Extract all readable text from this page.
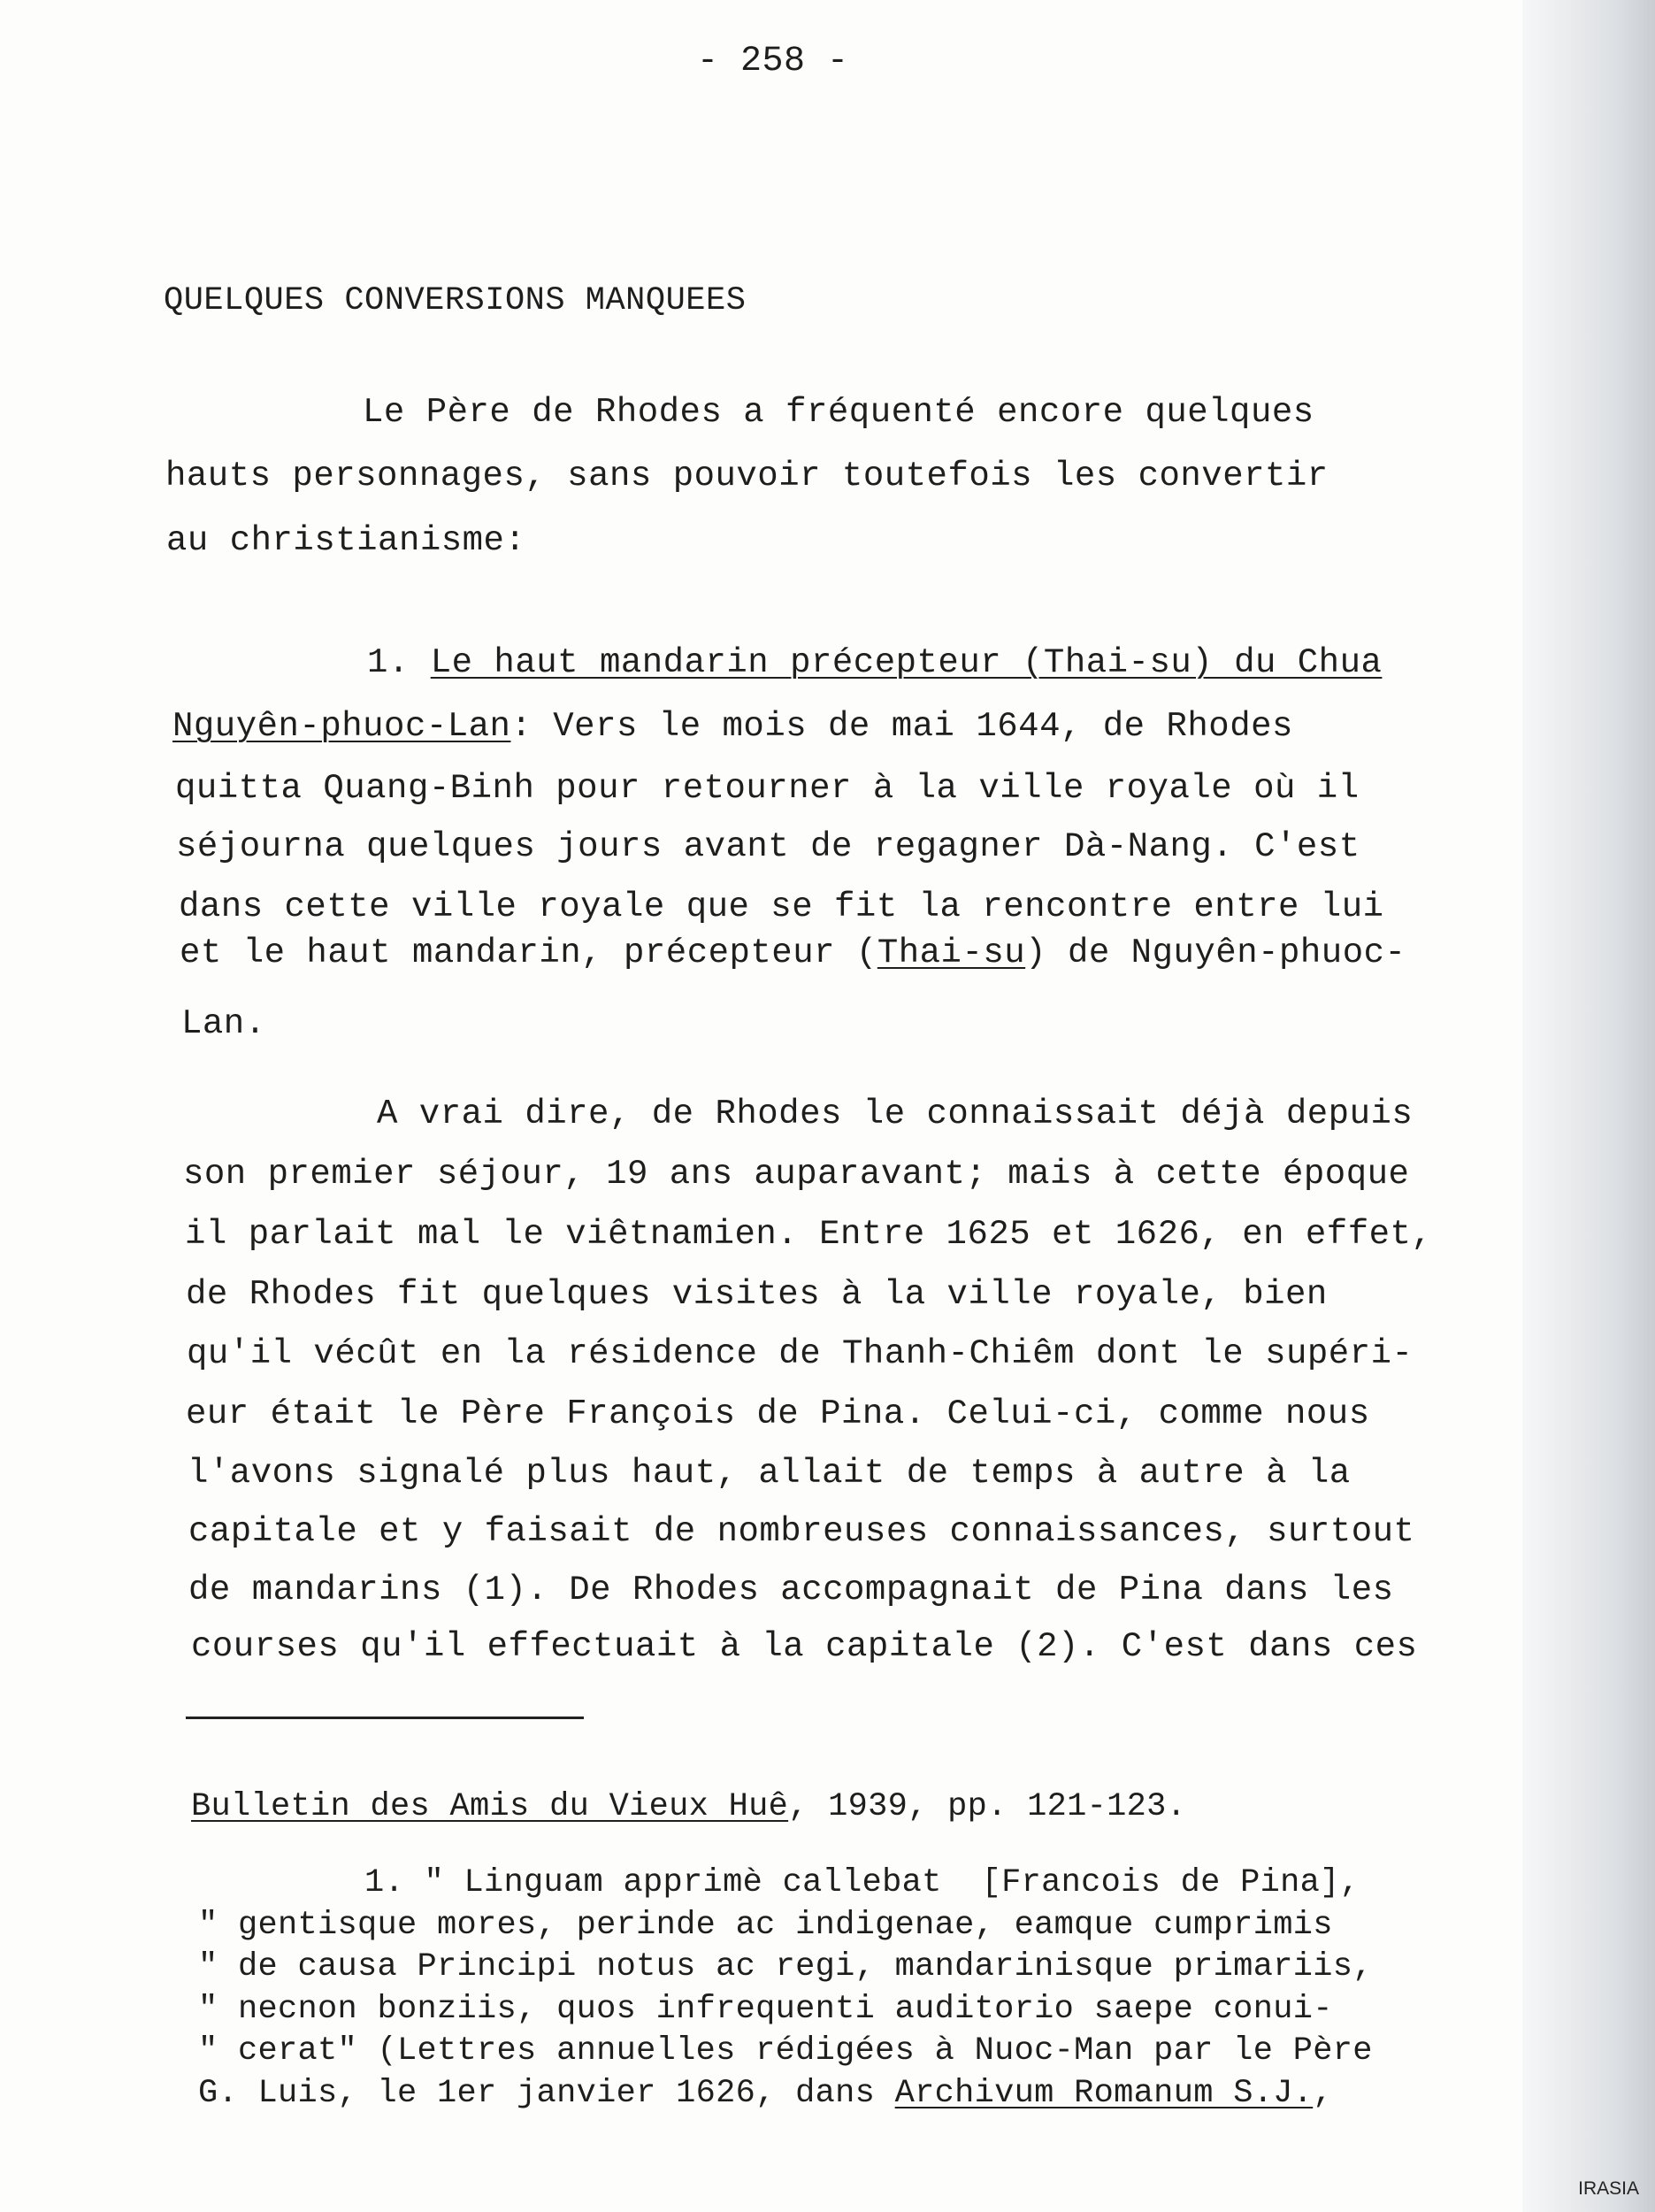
- 258 -
QUELQUES CONVERSIONS MANQUEES
Le Père de Rhodes a fréquenté encore quelques
hauts personnages, sans pouvoir toutefois les convertir
au christianisme:
1. Le haut mandarin précepteur (Thai-su) du Chua
Nguyên-phuoc-Lan: Vers le mois de mai 1644, de Rhodes
quitta Quang-Binh pour retourner à la ville royale où il
séjourna quelques jours avant de regagner Dà-Nang. C'est
dans cette ville royale que se fit la rencontre entre lui
et le haut mandarin, précepteur (Thai-su) de Nguyên-phuoc-
Lan.
A vrai dire, de Rhodes le connaissait déjà depuis
son premier séjour, 19 ans auparavant; mais à cette époque
il parlait mal le viêtnamien. Entre 1625 et 1626, en effet,
de Rhodes fit quelques visites à la ville royale, bien
qu'il vécût en la résidence de Thanh-Chiêm dont le supéri-
eur était le Père François de Pina. Celui-ci, comme nous
l'avons signalé plus haut, allait de temps à autre à la
capitale et y faisait de nombreuses connaissances, surtout
de mandarins (1). De Rhodes accompagnait de Pina dans les
courses qu'il effectuait à la capitale (2). C'est dans ces
Bulletin des Amis du Vieux Huê, 1939, pp. 121-123.
1. " Linguam apprimè callebat  [Francois de Pina],
" gentisque mores, perinde ac indigenae, eamque cumprimis
" de causa Principi notus ac regi, mandarinisque primariis,
" necnon bonziis, quos infrequenti auditorio saepe conui-
" cerat" (Lettres annuelles rédigées à Nuoc-Man par le Père
G. Luis, le 1er janvier 1626, dans Archivum Romanum S.J.,
IRASIA
